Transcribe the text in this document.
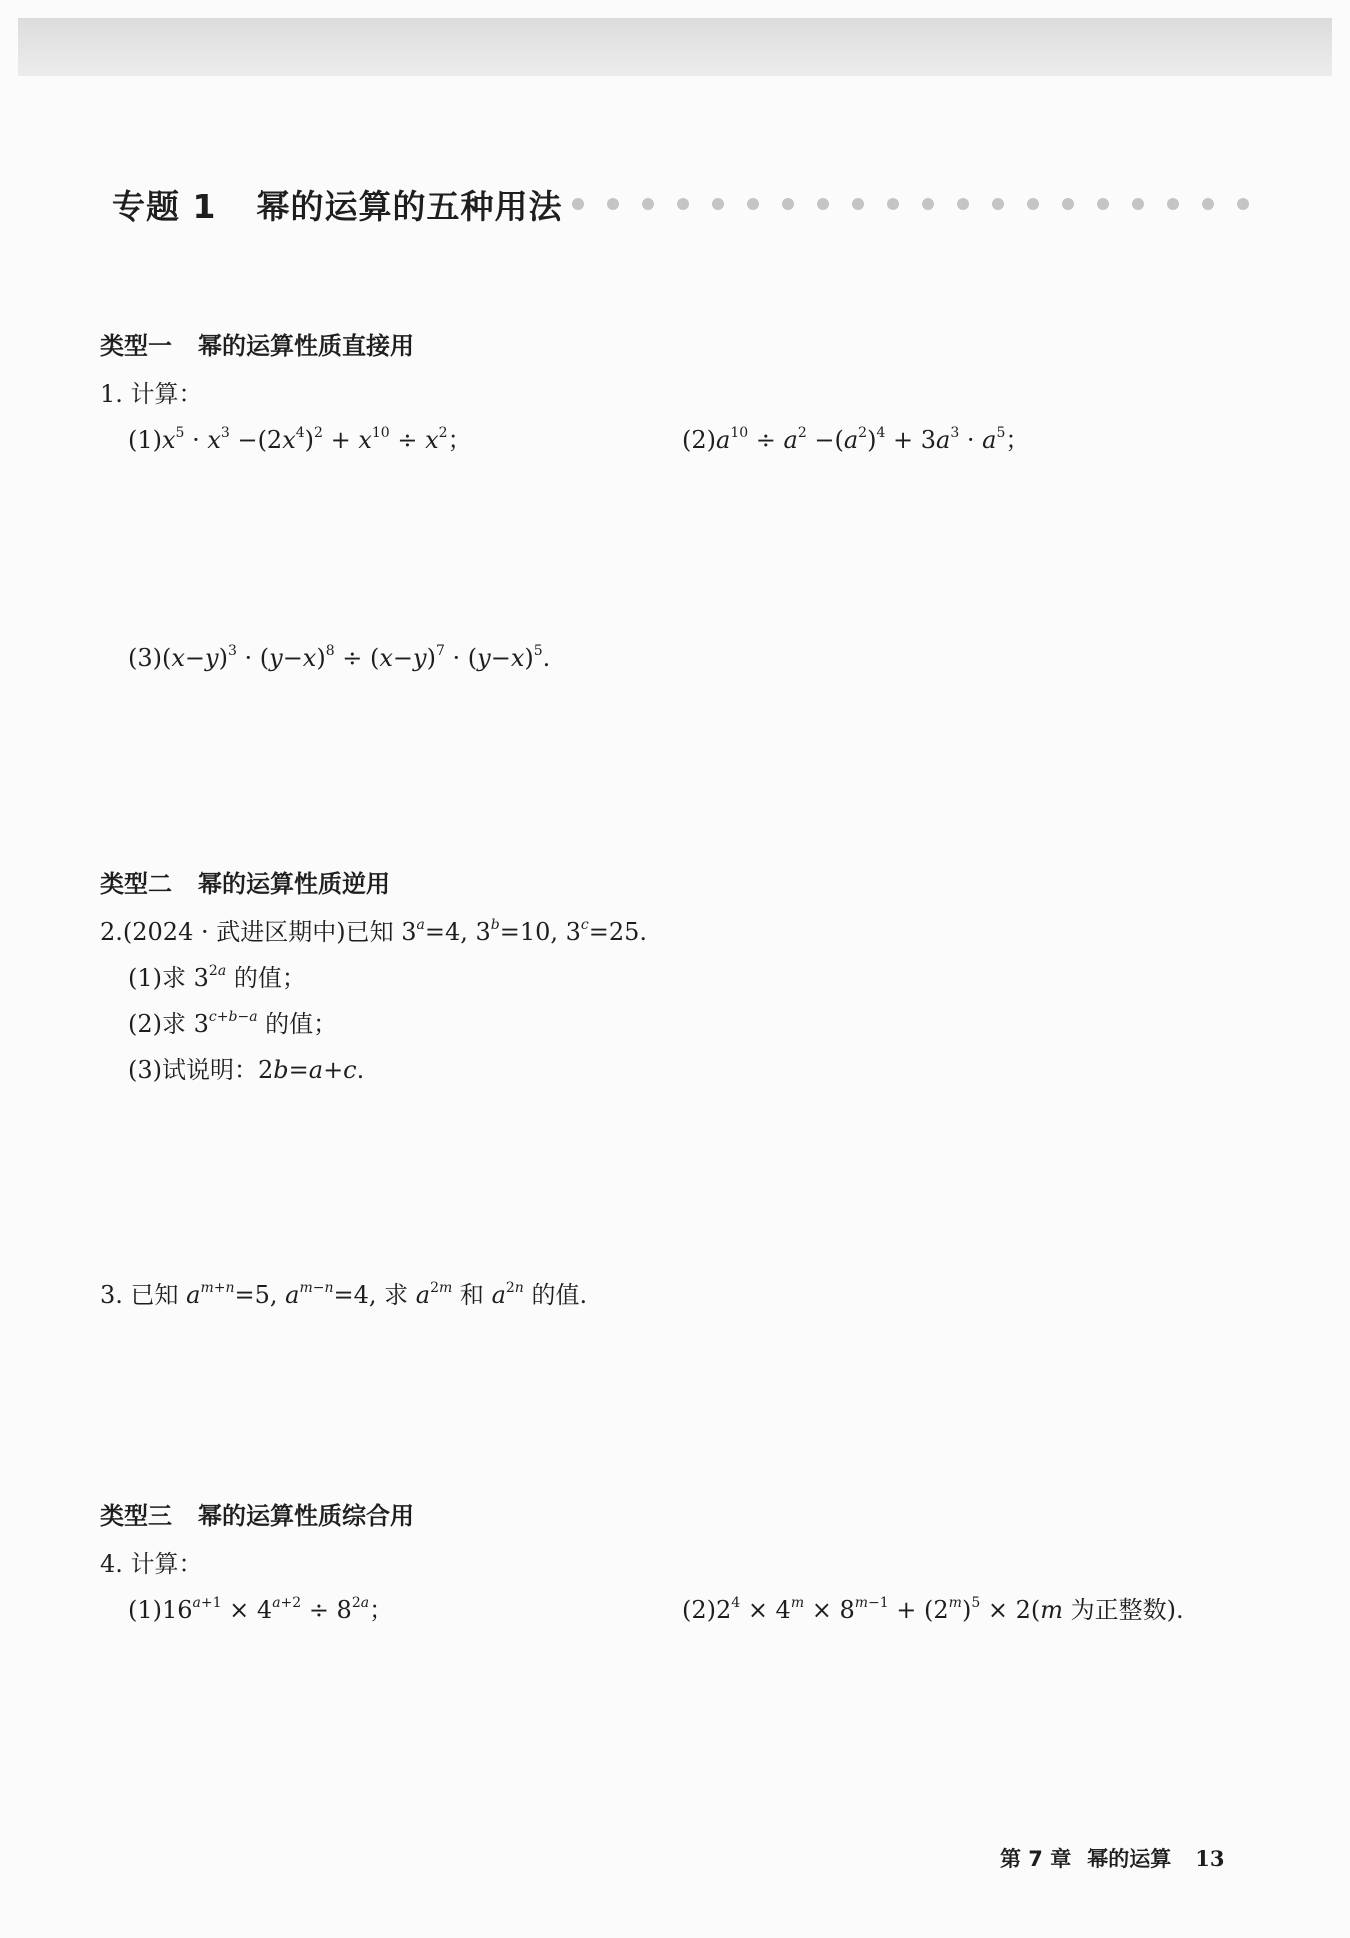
专题 1 幂的运算的五种用法
类型一 幂的运算性质直接用
1. 计算：
$(1)x^5 \cdot x^3 -(2x^4)^2 + x^{10} \div x^2$；	$(2)a^{10} \div a^2 -(a^2)^4 + 3a^3 \cdot a^5$；
$(3)(x-y)^3 \cdot (y-x)^8 \div (x-y)^7 \cdot (y-x)^5$.
类型二 幂的运算性质逆用
2.(2024 · 武进区期中)已知 $3^a=4$, $3^b=10$, $3^c=25$.
(1)求 $3^{2a}$ 的值；
(2)求 $3^{c+b-a}$ 的值；
(3)试说明：2b=a+c.
3. 已知 $a^{m+n}=5$, $a^{m-n}=4$, 求 $a^{2m}$ 和 $a^{2n}$ 的值.
类型三 幂的运算性质综合用
4. 计算：
$(1)16^{a+1} \times 4^{a+2} \div 8^{2a}$；	$(2)2^4 \times 4^m \times 8^{m-1} + (2^m)^5 \times 2(m$ 为正整数).
第 7 章 幂的运算 13
